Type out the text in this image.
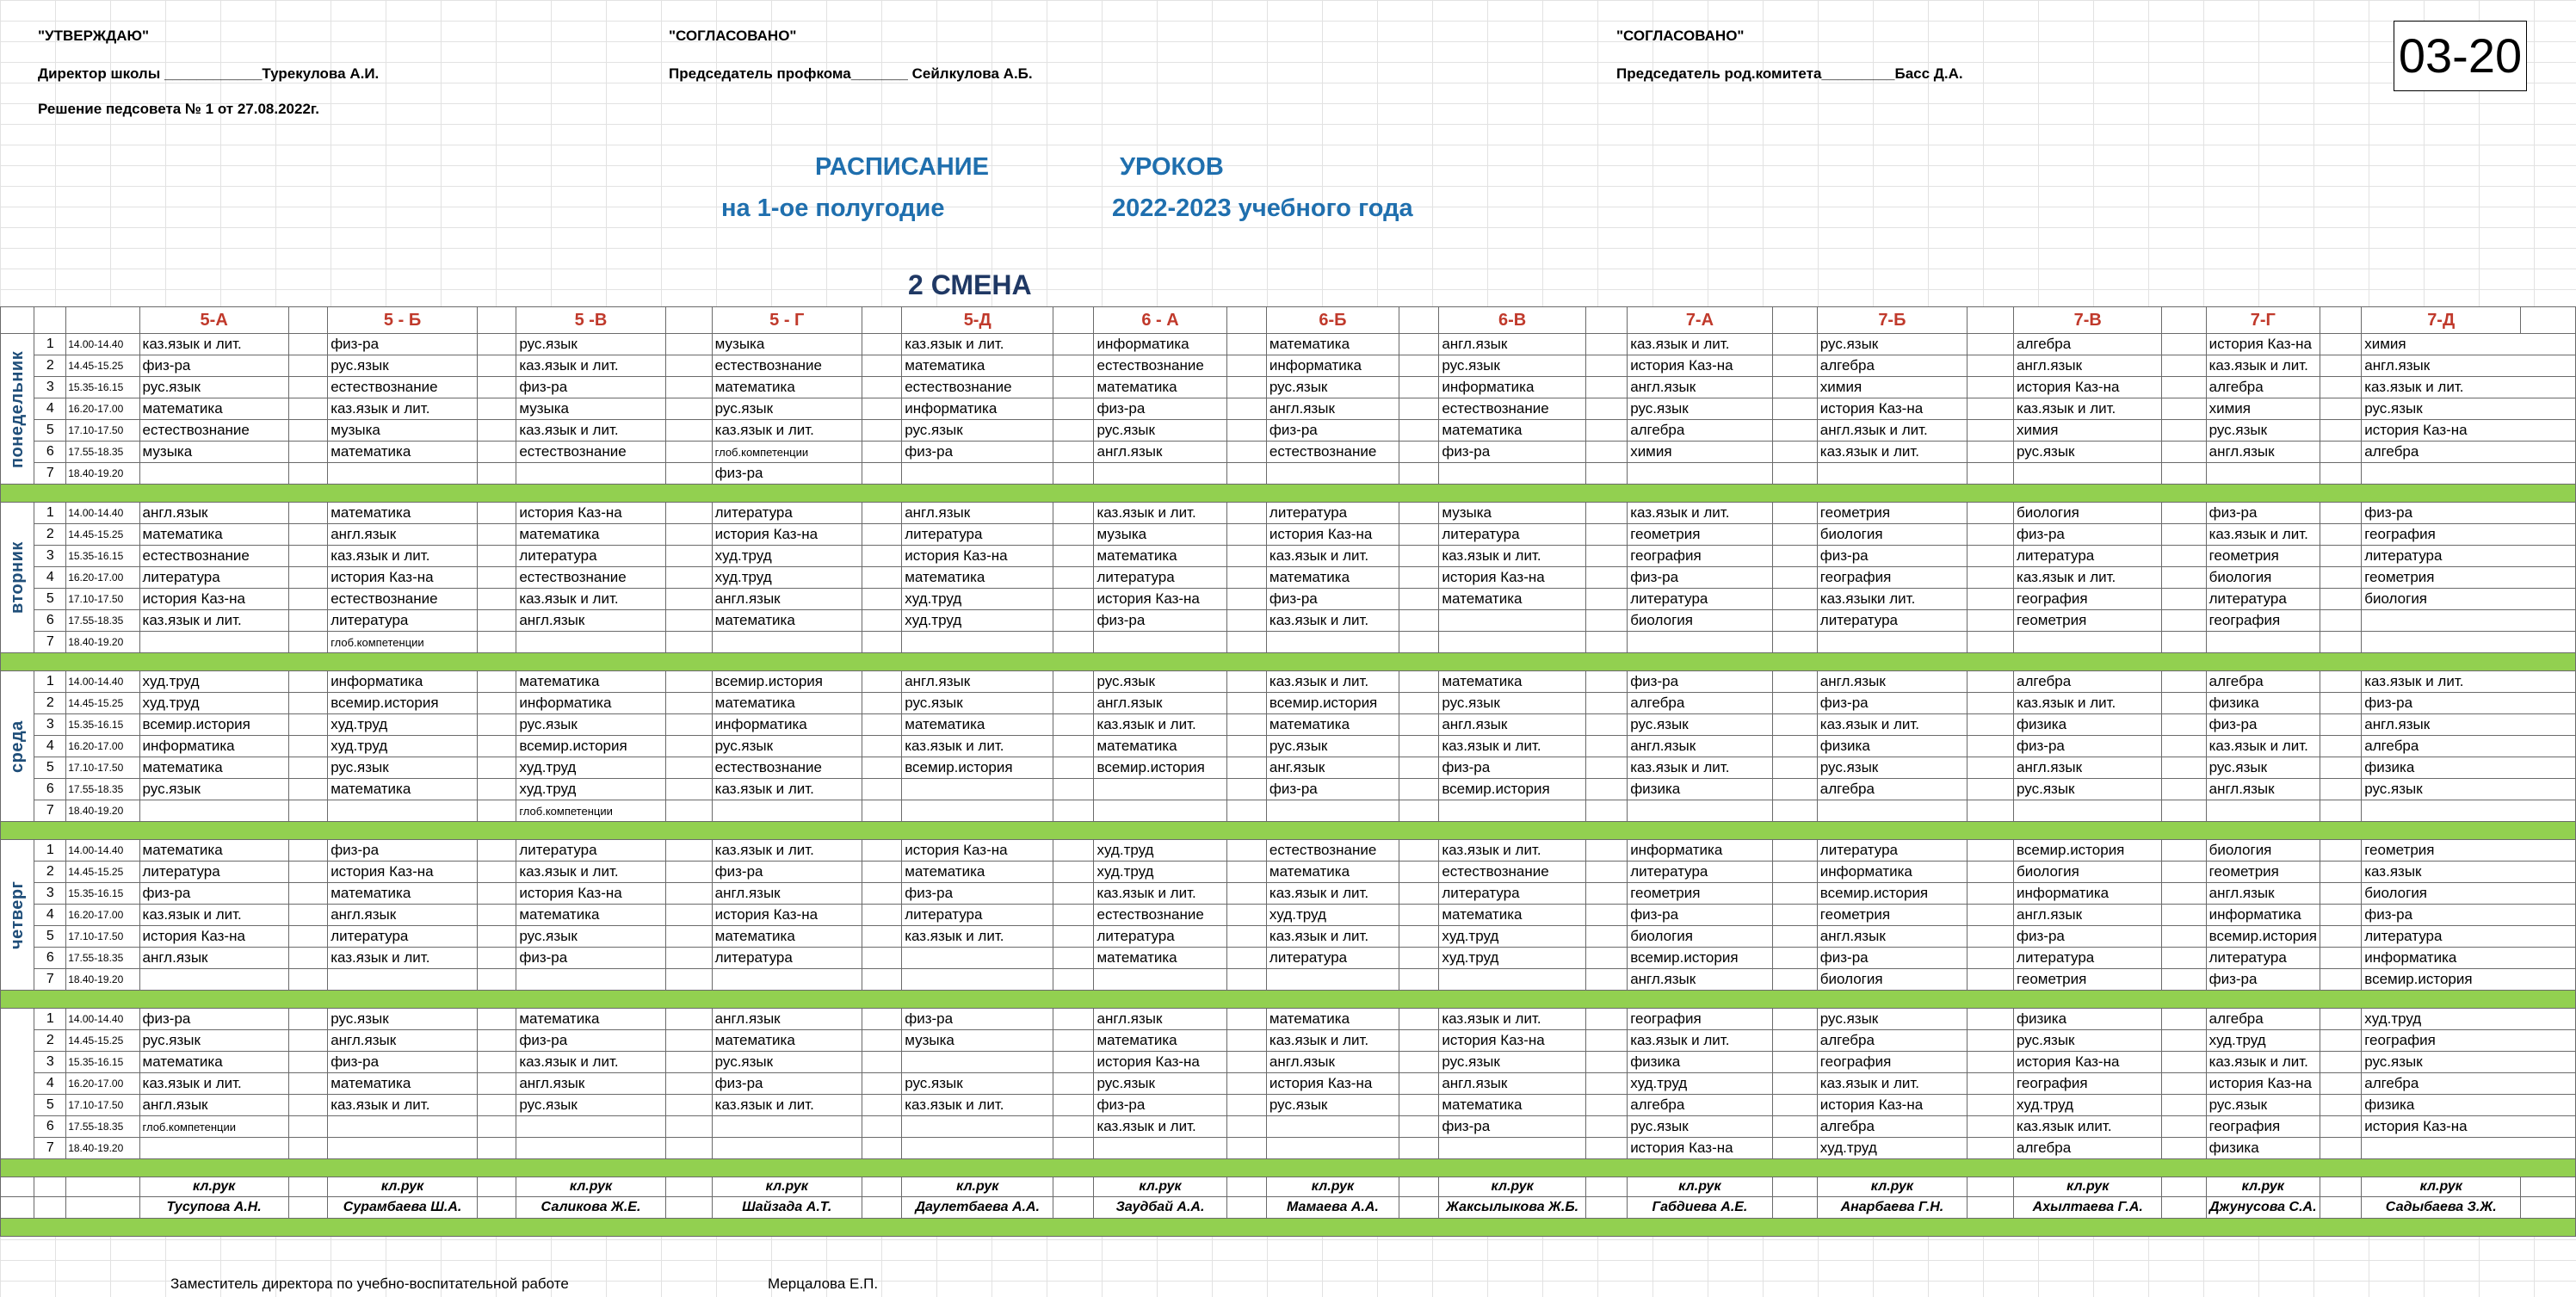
"УТВЕРЖДАЮ"
Директор школы ____________Турекулова А.И.
Решение педсовета № 1 от 27.08.2022г.
"СОГЛАСОВАНО"
Председатель профкома_______ Сейлкулова А.Б.
"СОГЛАСОВАНО"
Председатель род.комитета_________Басс Д.А.	03-20
РАСПИСАНИЕ	УРОКОВ
на 1-ое полугодие	2022-2023 учебного года
2 СМЕНА
			5-А		5 - Б		5 -В		5 - Г		5-Д		6 - А		6-Б		6-В		7-А		7-Б		7-В		7-Г		7-Д	
понедельник	1	14.00-14.40	каз.язык и лит.		физ-ра		рус.язык		музыка		каз.язык и лит.		информатика		математика		англ.язык		каз.язык и лит.		рус.язык		алгебра		история Каз-на		химия	
	2	14.45-15.25	физ-ра		рус.язык		каз.язык и лит.		естествознание		математика		естествознание		информатика		рус.язык		история Каз-на		алгебра		англ.язык		каз.язык и лит.		англ.язык	
	3	15.35-16.15	рус.язык		естествознание		физ-ра		математика		естествознание		математика		рус.язык		информатика		англ.язык		химия		история Каз-на		алгебра		каз.язык и лит.	
	4	16.20-17.00	математика		каз.язык и лит.		музыка		рус.язык		информатика		физ-ра		англ.язык		естествознание		рус.язык		история Каз-на		каз.язык и лит.		химия		рус.язык	
	5	17.10-17.50	естествознание		музыка		каз.язык и лит.		каз.язык и лит.		рус.язык		рус.язык		физ-ра		математика		алгебра		англ.язык и лит.		химия		рус.язык		история Каз-на	
	6	17.55-18.35	музыка		математика		естествознание		глоб.компетенции		физ-ра		англ.язык		естествознание		физ-ра		химия		каз.язык и лит.		рус.язык		англ.язык		алгебра	
	7	18.40-19.20							физ-ра																			

вторник	1	14.00-14.40	англ.язык		математика		история Каз-на		литература		англ.язык		каз.язык и лит.		литература		музыка		каз.язык и лит.		геометрия		биология		физ-ра		физ-ра	
	2	14.45-15.25	математика		англ.язык		математика		история Каз-на		литература		музыка		история Каз-на		литература		геометрия		биология		физ-ра		каз.язык и лит.		география	
	3	15.35-16.15	естествознание		каз.язык и лит.		литература		худ.труд		история Каз-на		математика		каз.язык и лит.		каз.язык и лит.		география		физ-ра		литература		геометрия		литература	
	4	16.20-17.00	литература		история Каз-на		естествознание		худ.труд		математика		литература		математика		история Каз-на		физ-ра		география		каз.язык и лит.		биология		геометрия	
	5	17.10-17.50	история Каз-на		естествознание		каз.язык и лит.		англ.язык		худ.труд		история Каз-на		физ-ра		математика		литература		каз.языки лит.		география		литература		биология	
	6	17.55-18.35	каз.язык и лит.		литература		англ.язык		математика		худ.труд		физ-ра		каз.язык и лит.				биология		литература		геометрия		география			
	7	18.40-19.20			глоб.компетенции																							

среда	1	14.00-14.40	худ.труд		информатика		математика		всемир.история		англ.язык		рус.язык		каз.язык и лит.		математика		физ-ра		англ.язык		алгебра		алгебра		каз.язык и лит.	
	2	14.45-15.25	худ.труд		всемир.история		информатика		математика		рус.язык		англ.язык		всемир.история		рус.язык		алгебра		физ-ра		каз.язык и лит.		физика		физ-ра	
	3	15.35-16.15	всемир.история		худ.труд		рус.язык		информатика		математика		каз.язык и лит.		математика		англ.язык		рус.язык		каз.язык и лит.		физика		физ-ра		англ.язык	
	4	16.20-17.00	информатика		худ.труд		всемир.история		рус.язык		каз.язык и лит.		математика		рус.язык		каз.язык и лит.		англ.язык		физика		физ-ра		каз.язык и лит.		алгебра	
	5	17.10-17.50	математика		рус.язык		худ.труд		естествознание		всемир.история		всемир.история		анг.язык		физ-ра		каз.язык и лит.		рус.язык		англ.язык		рус.язык		физика	
	6	17.55-18.35	рус.язык		математика		худ.труд		каз.язык и лит.						физ-ра		всемир.история		физика		алгебра		рус.язык		англ.язык		рус.язык	
	7	18.40-19.20					глоб.компетенции																					

четверг	1	14.00-14.40	математика		физ-ра		литература		каз.язык и лит.		история Каз-на		худ.труд		естествознание		каз.язык и лит.		информатика		литература		всемир.история		биология		геометрия	
	2	14.45-15.25	литература		история Каз-на		каз.язык и лит.		физ-ра		математика		худ.труд		математика		естествознание		литература		информатика		биология		геометрия		каз.язык	
	3	15.35-16.15	физ-ра		математика		история Каз-на		англ.язык		физ-ра		каз.язык и лит.		каз.язык и лит.		литература		геометрия		всемир.история		информатика		англ.язык		биология	
	4	16.20-17.00	каз.язык и лит.		англ.язык		математика		история Каз-на		литература		естествознание		худ.труд		математика		физ-ра		геометрия		англ.язык		информатика		физ-ра	
	5	17.10-17.50	история Каз-на		литература		рус.язык		математика		каз.язык и лит.		литература		каз.язык и лит.		худ.труд		биология		англ.язык		физ-ра		всемир.история		литература	
	6	17.55-18.35	англ.язык		каз.язык и лит.		физ-ра		литература				математика		литература		худ.труд		всемир.история		физ-ра		литература		литература		информатика	
	7	18.40-19.20																	англ.язык		биология		геометрия		физ-ра		всемир.история	

	1	14.00-14.40	физ-ра		рус.язык		математика		англ.язык		физ-ра		англ.язык		математика		каз.язык и лит.		география		рус.язык		физика		алгебра		худ.труд	
	2	14.45-15.25	рус.язык		англ.язык		физ-ра		математика		музыка		математика		каз.язык и лит.		история Каз-на		каз.язык и лит.		алгебра		рус.язык		худ.труд		география	
	3	15.35-16.15	математика		физ-ра		каз.язык и лит.		рус.язык				история Каз-на		англ.язык		рус.язык		физика		география		история Каз-на		каз.язык и лит.		рус.язык	
	4	16.20-17.00	каз.язык и лит.		математика		англ.язык		физ-ра		рус.язык		рус.язык		история Каз-на		англ.язык		худ.труд		каз.язык и лит.		география		история Каз-на		алгебра	
	5	17.10-17.50	англ.язык		каз.язык и лит.		рус.язык		каз.язык и лит.		каз.язык и лит.		физ-ра		рус.язык		математика		алгебра		история Каз-на		худ.труд		рус.язык		физика	
	6	17.55-18.35	глоб.компетенции										каз.язык и лит.				физ-ра		рус.язык		алгебра		каз.язык илит.		география		история Каз-на	
	7	18.40-19.20																	история Каз-на		худ.труд		алгебра		физика			

			кл.рук		кл.рук		кл.рук		кл.рук		кл.рук		кл.рук		кл.рук		кл.рук		кл.рук		кл.рук		кл.рук		кл.рук		кл.рук	
			Тусупова А.Н.		Сурамбаева Ш.А.		Саликова Ж.Е.		Шайзада А.Т.		Даулетбаева А.А.		Заудбай А.А.		Мамаева А.А.		Жаксылыкова Ж.Б.		Габдиева А.Е.		Анарбаева Г.Н.		Ахылтаева Г.А.		Джунусова С.А.		Садыбаева З.Ж.	

Заместитель директора по учебно-воспитательной работе	Мерцалова Е.П.
